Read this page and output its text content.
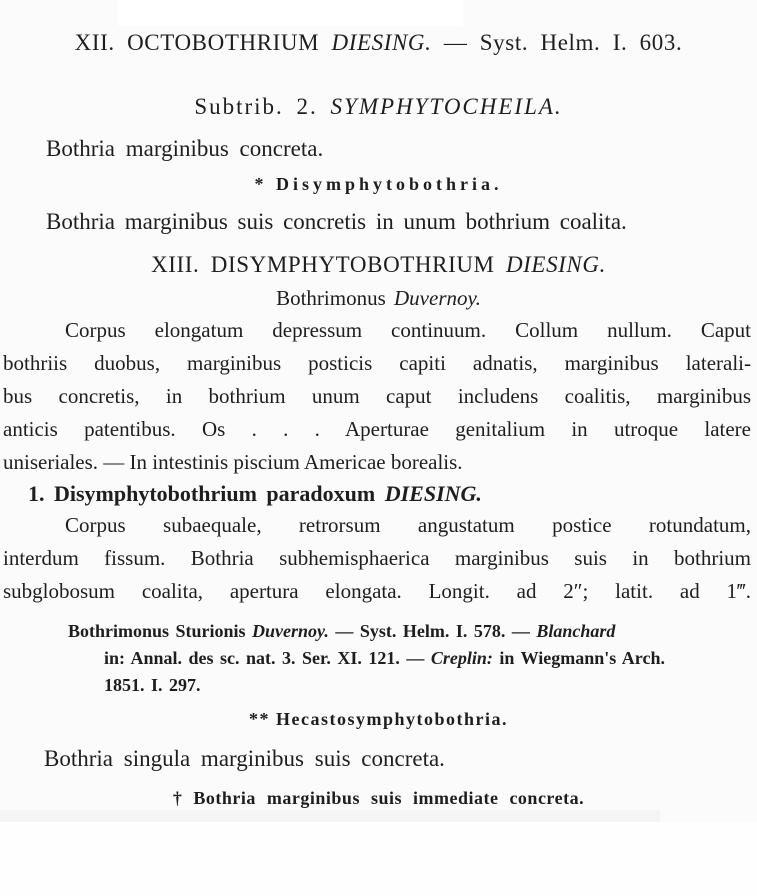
XII. OCTOBOTHRIUM DIESING. — Syst. Helm. I. 603.
Subtrib. 2. SYMPHYTOCHEILA.
Bothria marginibus concreta.
* Disymphytobothria.
Bothria marginibus suis concretis in unum bothrium coalita.
XIII. DISYMPHYTOBOTHRIUM DIESING.
Bothrimonus Duvernoy.
Corpus elongatum depressum continuum. Collum nullum. Caput
bothriis duobus, marginibus posticis capiti adnatis, marginibus laterali-
bus concretis, in bothrium unum caput includens coalitis, marginibus
anticis patentibus. Os . . . Aperturae genitalium in utroque latere
uniseriales. — In intestinis piscium Americae borealis.
1. Disymphytobothrium paradoxum DIESING.
Corpus subaequale, retrorsum angustatum postice rotundatum,
interdum fissum. Bothria subhemisphaerica marginibus suis in bothrium
subglobosum coalita, apertura elongata. Longit. ad 2″; latit. ad 1‴.
Bothrimonus Sturionis Duvernoy. — Syst. Helm. I. 578. — Blanchard
in: Annal. des sc. nat. 3. Ser. XI. 121. — Creplin: in Wiegmann's Arch.
1851. I. 297.
** Hecastosymphytobothria.
Bothria singula marginibus suis concreta.
† Bothria marginibus suis immediate concreta.
